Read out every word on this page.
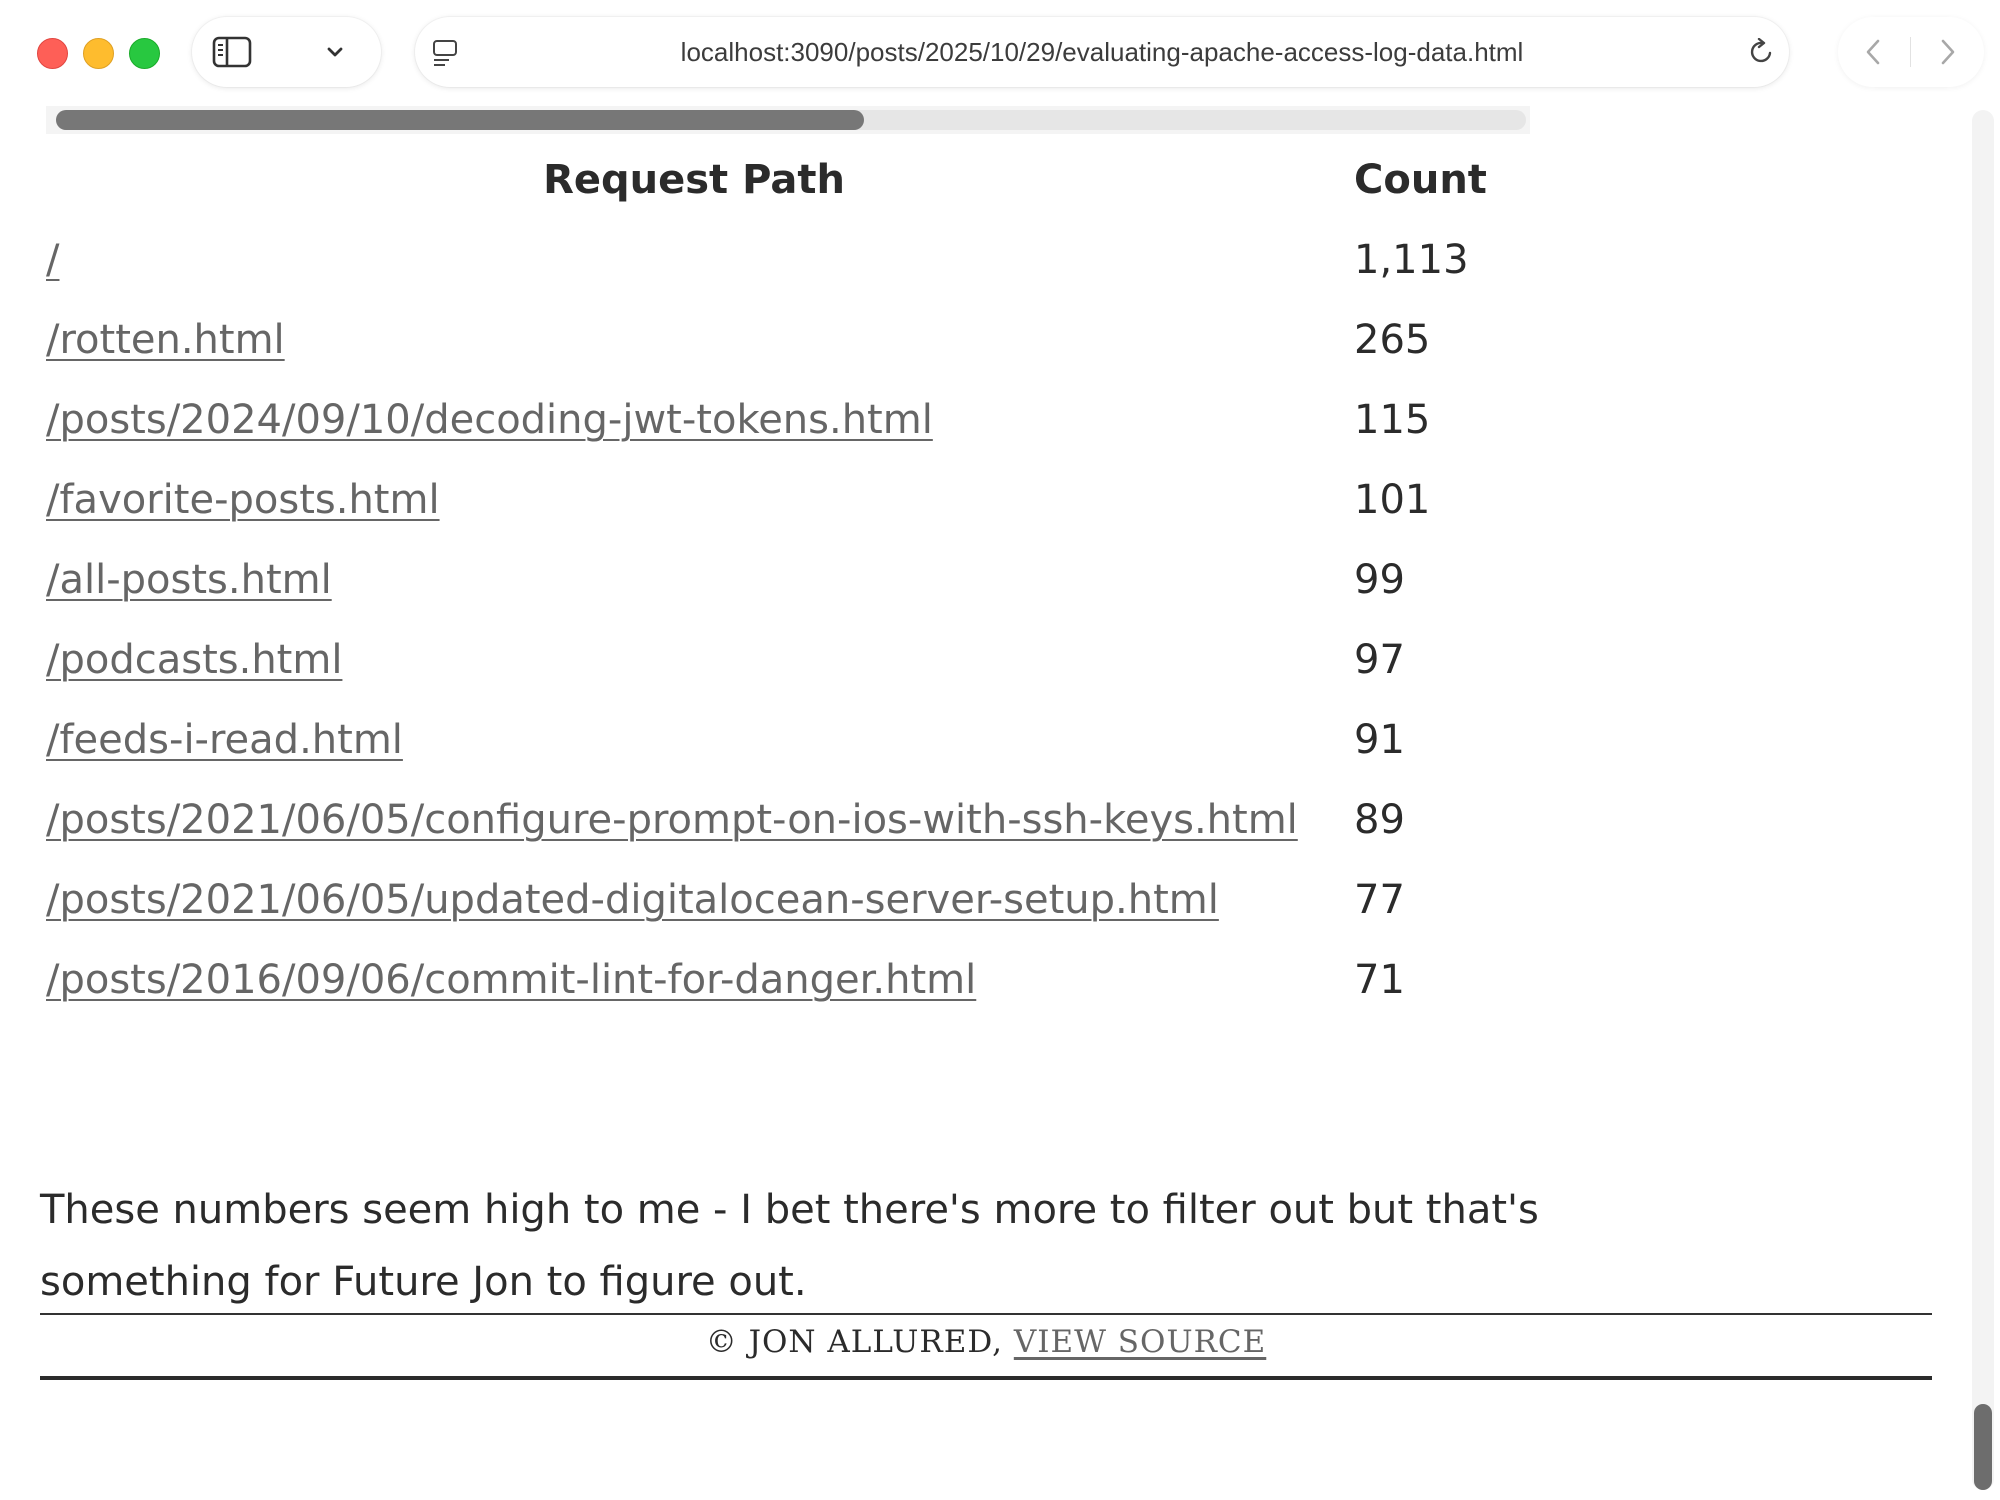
localhost:3090/posts/2025/10/29/evaluating-apache-access-log-data.html
Request Path	Count
/	1,113
/rotten.html	265
/posts/2024/09/10/decoding-jwt-tokens.html	115
/favorite-posts.html	101
/all-posts.html	99
/podcasts.html	97
/feeds-i-read.html	91
/posts/2021/06/05/configure-prompt-on-ios-with-ssh-keys.html	89
/posts/2021/06/05/updated-digitalocean-server-setup.html	77
/posts/2016/09/06/commit-lint-for-danger.html	71

These numbers seem high to me - I bet there's more to filter out but that's something for Future Jon to figure out.

© JON ALLURED, VIEW SOURCE
